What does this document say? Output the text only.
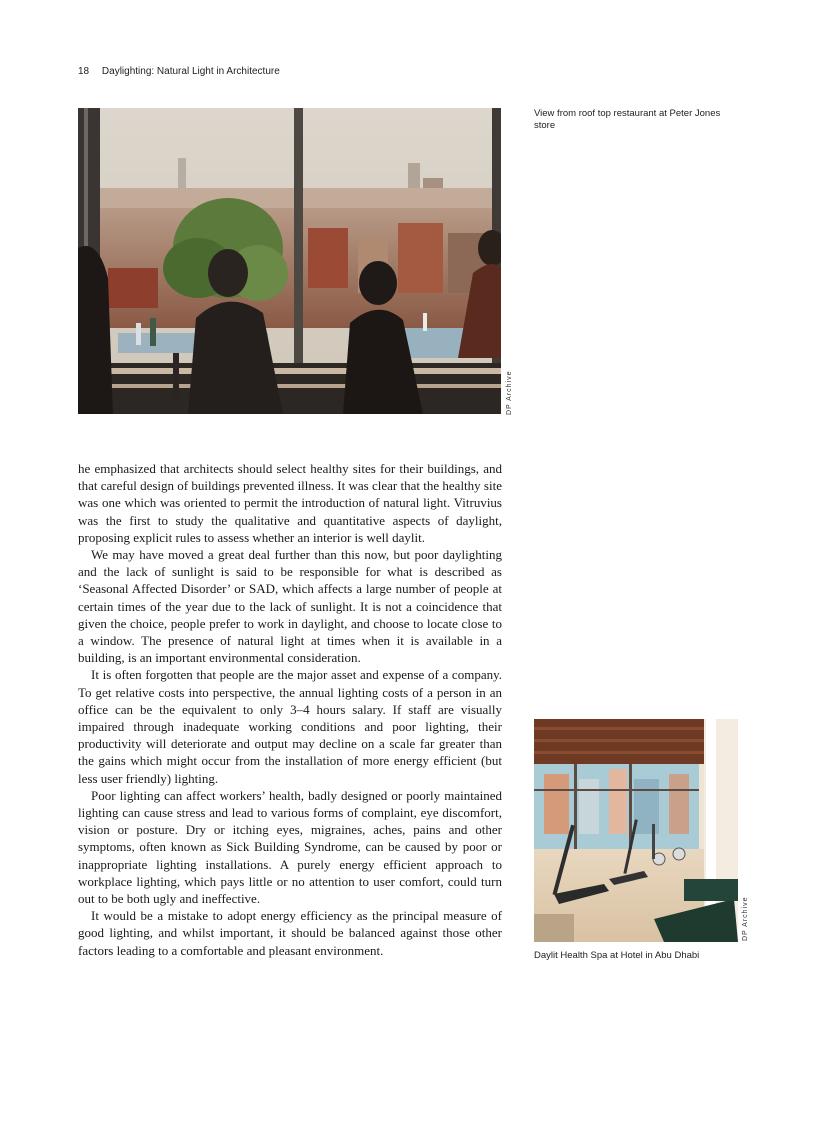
18 Daylighting: Natural Light in Architecture
DP Archive
View from roof top restaurant at Peter Jones store

he emphasized that architects should select healthy sites for their buildings, and that careful design of buildings prevented illness. It was clear that the healthy site was one which was oriented to permit the introduction of natural light. Vitruvius was the first to study the qualitative and quantitative aspects of daylight, proposing explicit rules to assess whether an interior is well daylit.

We may have moved a great deal further than this now, but poor daylighting and the lack of sunlight is said to be responsible for what is described as ‘Seasonal Affected Disorder’ or SAD, which affects a large number of people at certain times of the year due to the lack of sunlight. It is not a coincidence that given the choice, people prefer to work in daylight, and choose to locate close to a window. The presence of natural light at times when it is available in a building, is an important environmental consideration.

It is often forgotten that people are the major asset and expense of a company. To get relative costs into perspective, the annual lighting costs of a person in an office can be the equivalent to only 3–4 hours salary. If staff are visually impaired through inadequate working conditions and poor lighting, their productivity will deteriorate and output may decline on a scale far greater than the gains which might occur from the installation of more energy efficient (but less user friendly) lighting.

Poor lighting can affect workers’ health, badly designed or poorly maintained lighting can cause stress and lead to various forms of complaint, eye discomfort, vision or posture. Dry or itching eyes, migraines, aches, pains and other symptoms, often known as Sick Building Syndrome, can be caused by poor or inappropriate lighting installations. A purely energy efficient approach to workplace lighting, which pays little or no attention to user comfort, could turn out to be both ugly and ineffective.

It would be a mistake to adopt energy efficiency as the principal measure of good lighting, and whilst important, it should be balanced against those other factors leading to a comfortable and pleasant environment.

DP Archive
Daylit Health Spa at Hotel in Abu Dhabi
